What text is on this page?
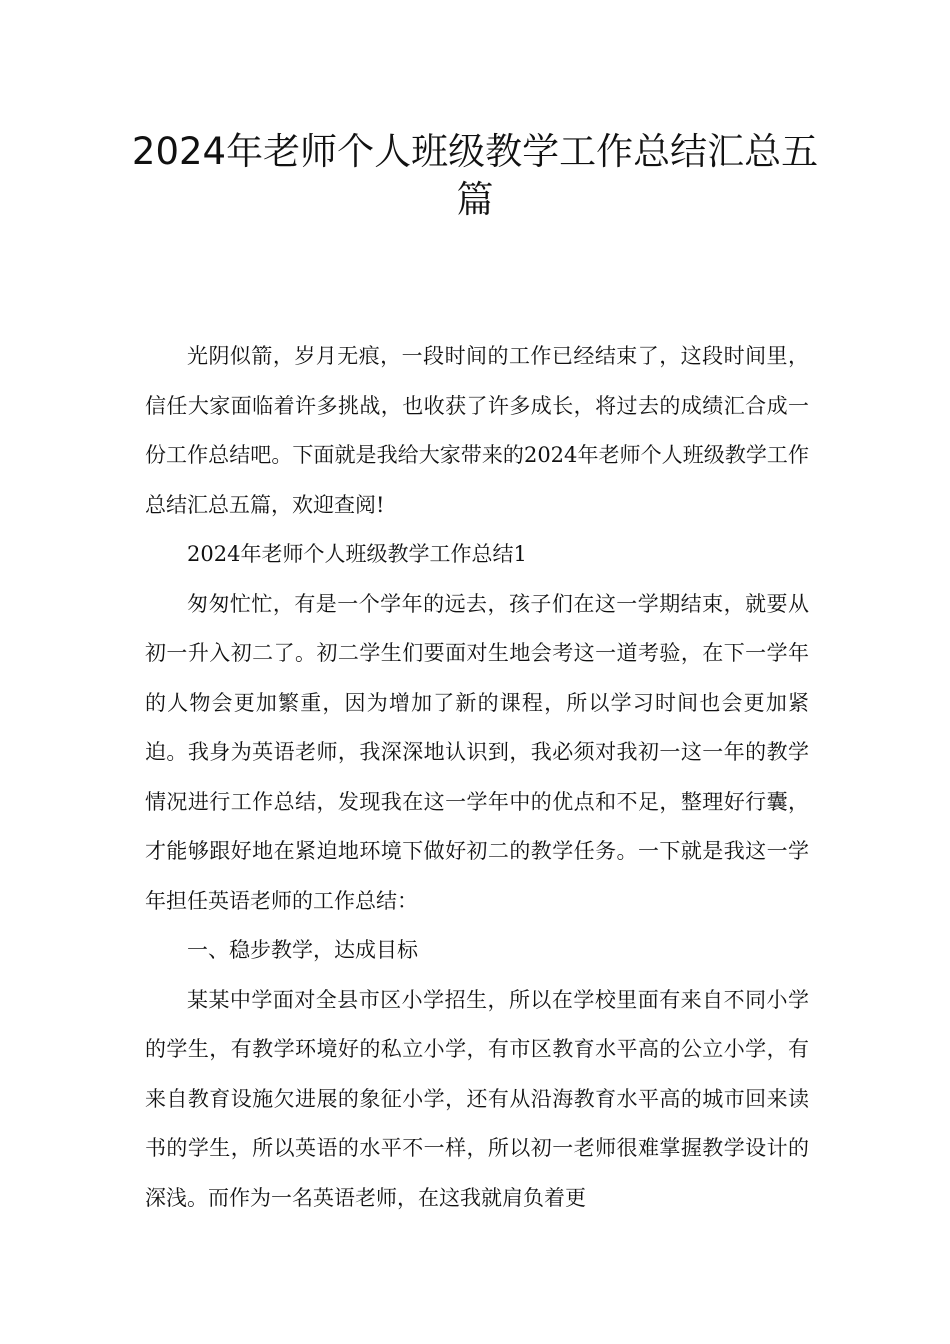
2024年老师个人班级教学工作总结汇总五篇

光阴似箭，岁月无痕，一段时间的工作已经结束了，这段时间里，信任大家面临着许多挑战，也收获了许多成长，将过去的成绩汇合成一份工作总结吧。下面就是我给大家带来的2024年老师个人班级教学工作总结汇总五篇，欢迎查阅!

2024年老师个人班级教学工作总结1

匆匆忙忙，有是一个学年的远去，孩子们在这一学期结束，就要从初一升入初二了。初二学生们要面对生地会考这一道考验，在下一学年的人物会更加繁重，因为增加了新的课程，所以学习时间也会更加紧迫。我身为英语老师，我深深地认识到，我必须对我初一这一年的教学情况进行工作总结，发现我在这一学年中的优点和不足，整理好行囊，才能够跟好地在紧迫地环境下做好初二的教学任务。一下就是我这一学年担任英语老师的工作总结：

一、稳步教学，达成目标

某某中学面对全县市区小学招生，所以在学校里面有来自不同小学的学生，有教学环境好的私立小学，有市区教育水平高的公立小学，有来自教育设施欠进展的象征小学，还有从沿海教育水平高的城市回来读书的学生，所以英语的水平不一样，所以初一老师很难掌握教学设计的深浅。而作为一名英语老师，在这我就肩负着更
